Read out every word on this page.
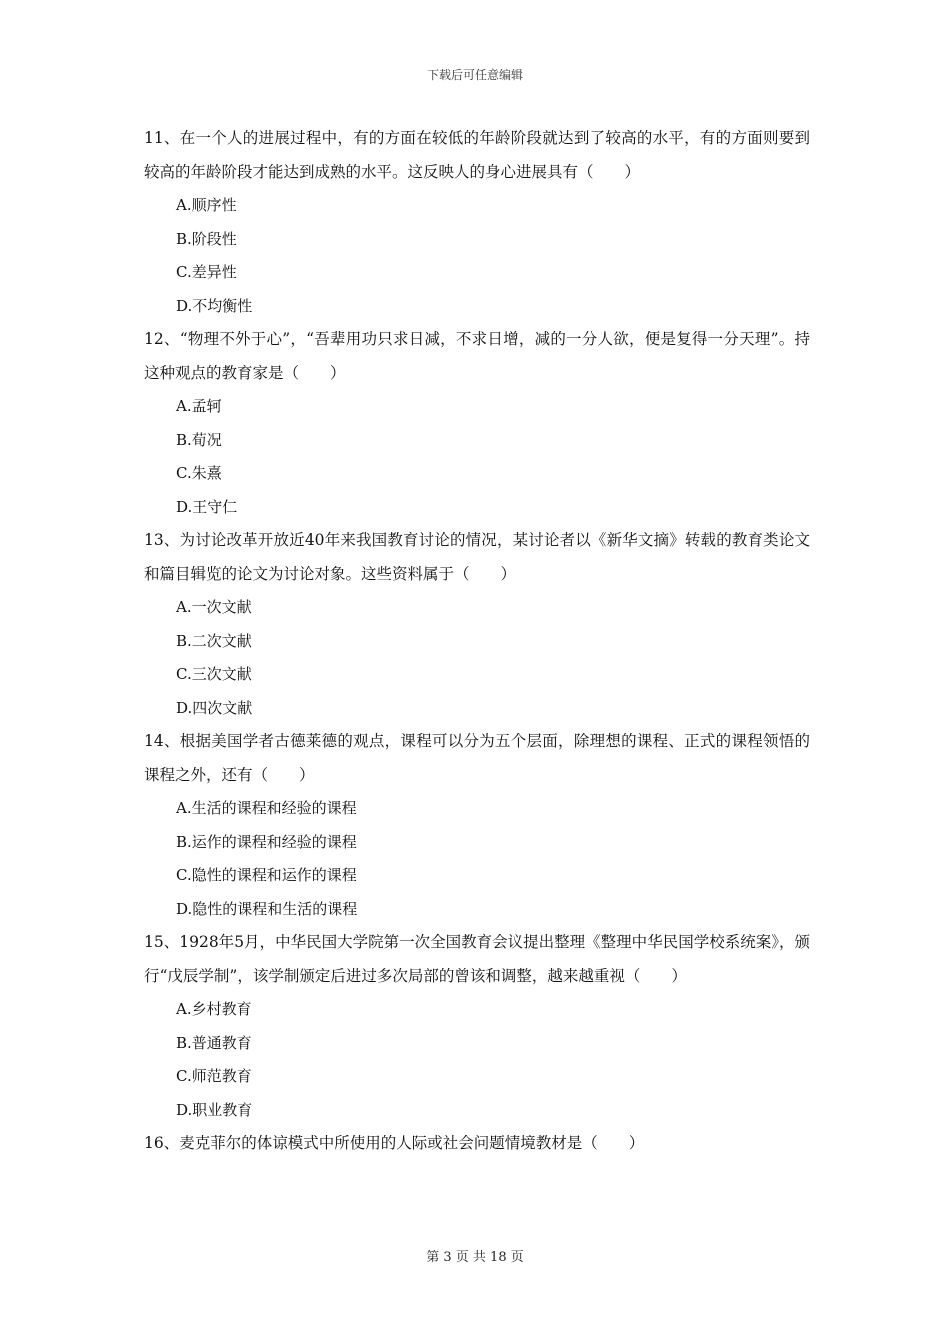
下载后可任意编辑

11、在一个人的进展过程中，有的方面在较低的年龄阶段就达到了较高的水平，有的方面则要到较高的年龄阶段才能达到成熟的水平。这反映人的身心进展具有（　　）

A.顺序性

B.阶段性

C.差异性

D.不均衡性

12、“物理不外于心”，“吾辈用功只求日减，不求日增，减的一分人欲，便是复得一分天理”。持这种观点的教育家是（　　）

A.孟轲

B.荀况

C.朱熹

D.王守仁

13、为讨论改革开放近40年来我国教育讨论的情况，某讨论者以《新华文摘》转载的教育类论文和篇目辑览的论文为讨论对象。这些资料属于（　　）

A.一次文献

B.二次文献

C.三次文献

D.四次文献

14、根据美国学者古德莱德的观点，课程可以分为五个层面，除理想的课程、正式的课程领悟的课程之外，还有（　　）

A.生活的课程和经验的课程

B.运作的课程和经验的课程

C.隐性的课程和运作的课程

D.隐性的课程和生活的课程

15、1928年5月，中华民国大学院第一次全国教育会议提出整理《整理中华民国学校系统案》，颁行“戊辰学制”，该学制颁定后进过多次局部的曾该和调整，越来越重视（　　）

A.乡村教育

B.普通教育

C.师范教育

D.职业教育

16、麦克菲尔的体谅模式中所使用的人际或社会问题情境教材是（　　）

第 3 页 共 18 页
